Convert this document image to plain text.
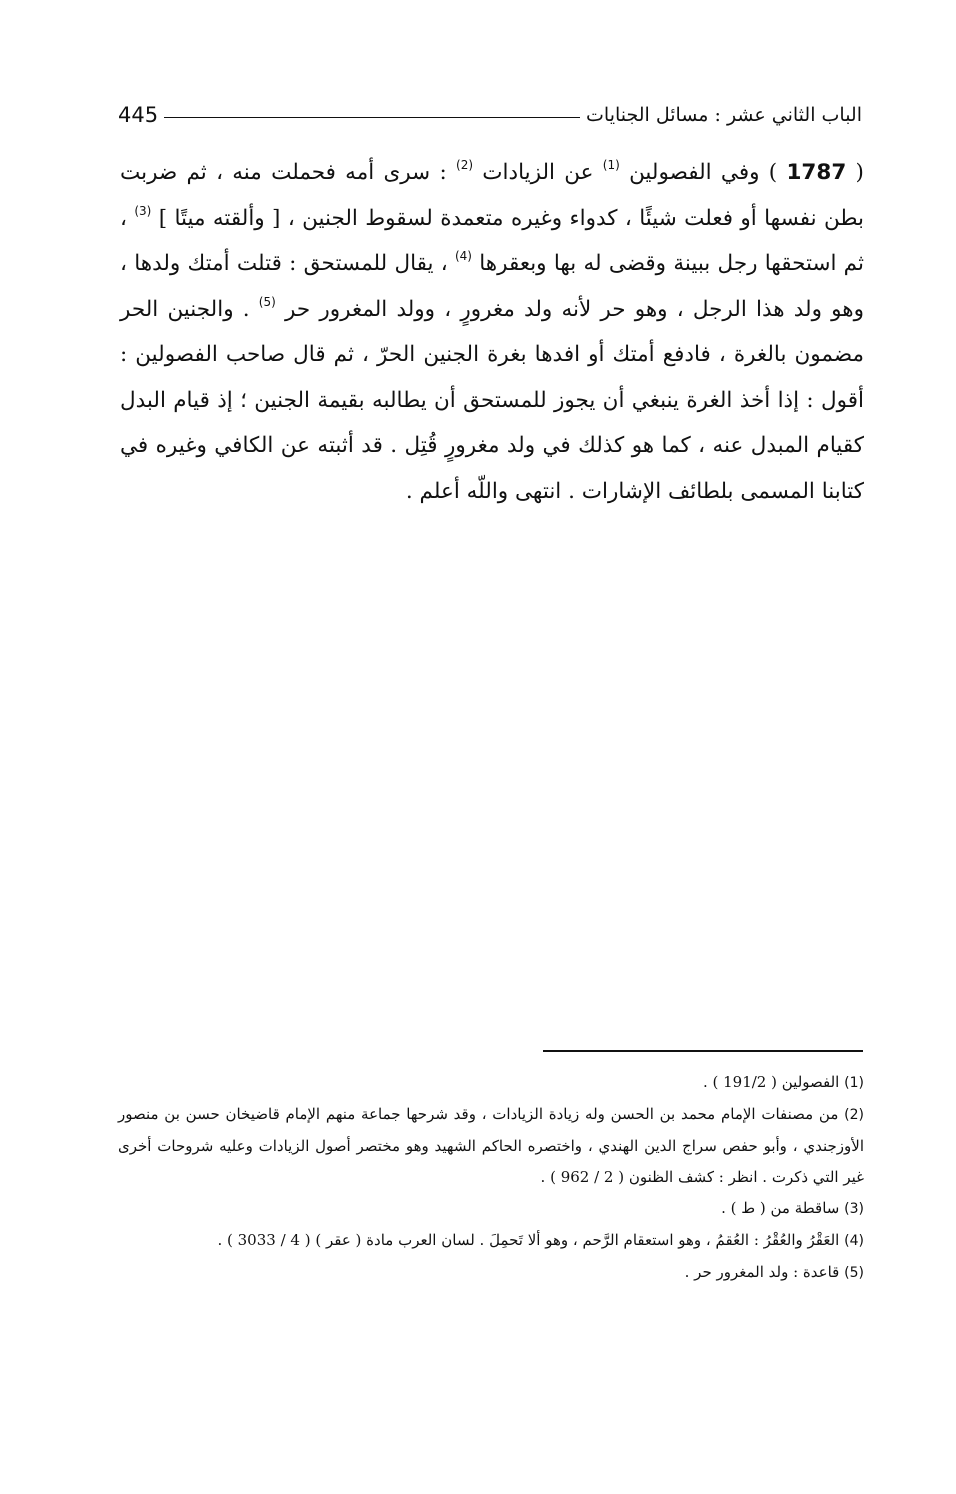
الباب الثاني عشر : مسائل الجنايات
445
( 1787 ) وفي الفصولين $^{(1)}$ عن الزيادات $^{(2)}$ : سرى أمه فحملت منه ، ثم ضربت بطن نفسها أو فعلت شيئًا ، كدواء وغيره متعمدة لسقوط الجنين ، [ وألقته ميتًا ] $^{(3)}$ ، ثم استحقها رجل ببينة وقضى له بها وبعقرها $^{(4)}$ ، يقال للمستحق : قتلت أمتك ولدها ، وهو ولد هذا الرجل ، وهو حر لأنه ولد مغرورٍ ، وولد المغرور حر $^{(5)}$ . والجنين الحر مضمون بالغرة ، فادفع أمتك أو افدها بغرة الجنين الحرّ ، ثم قال صاحب الفصولين : أقول : إذا أخذ الغرة ينبغي أن يجوز للمستحق أن يطالبه بقيمة الجنين ؛ إذ قيام البدل كقيام المبدل عنه ، كما هو كذلك في ولد مغرورٍ قُتِل . قد أثبته عن الكافي وغيره في كتابنا المسمى بلطائف الإشارات . انتهى واللّه أعلم .
(1) الفصولين ( 191/2 ) .
(2) من مصنفات الإمام محمد بن الحسن وله زيادة الزيادات ، وقد شرحها جماعة منهم الإمام قاضيخان حسن بن منصور الأوزجندي ، وأبو حفص سراج الدين الهندي ، واختصره الحاكم الشهيد وهو مختصر أصول الزيادات وعليه شروحات أخرى غير التي ذكرت . انظر : كشف الظنون ( 2 / 962 ) .
(3) ساقطة من ( ط ) .
(4) العَقْرُ والعُقْرُ : العُقمُ ، وهو استعقام الرَّحم ، وهو ألا تَحمِلَ . لسان العرب مادة ( عقر ) ( 4 / 3033 ) .
(5) قاعدة : ولد المغرور حر .
